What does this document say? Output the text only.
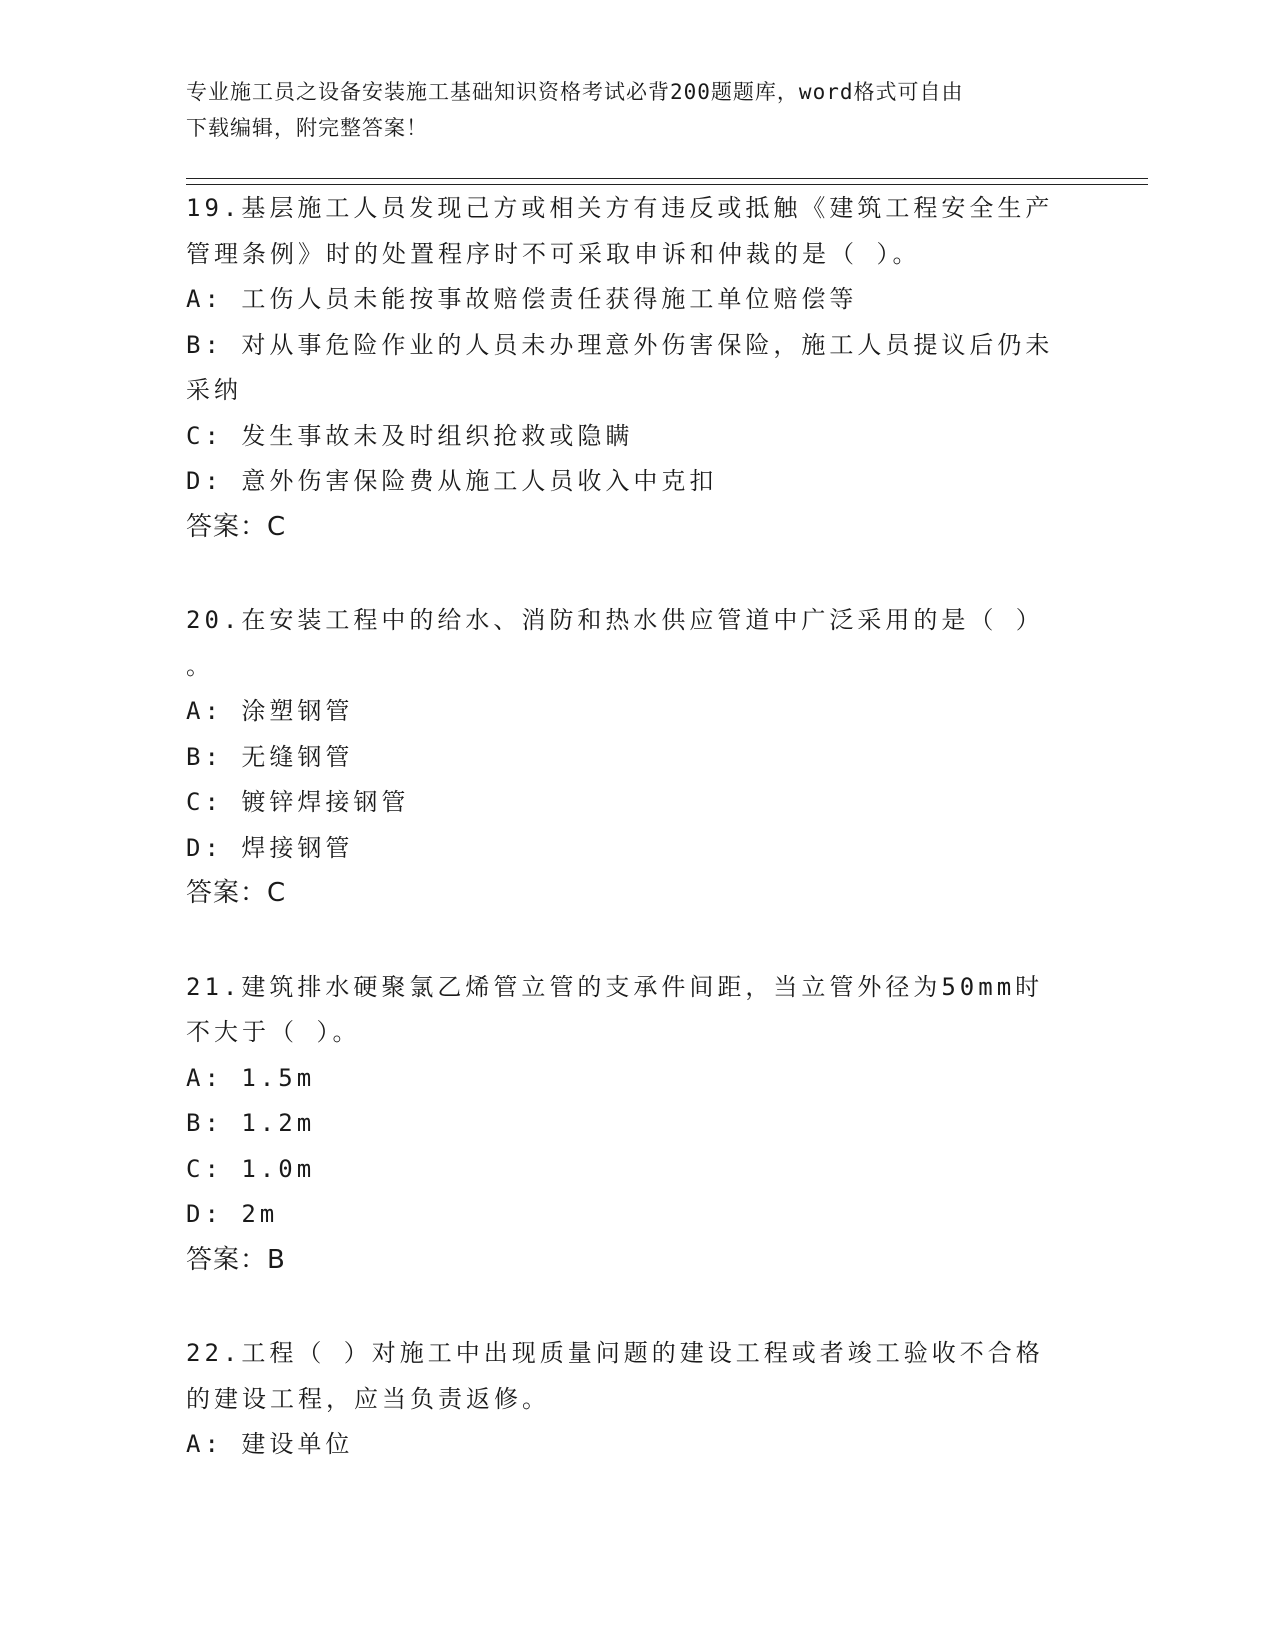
专业施工员之设备安装施工基础知识资格考试必背200题题库，word格式可自由
下载编辑，附完整答案！

19.基层施工人员发现己方或相关方有违反或抵触《建筑工程安全生产

管理条例》时的处置程序时不可采取申诉和仲裁的是（ ）。

A: 工伤人员未能按事故赔偿责任获得施工单位赔偿等

B: 对从事危险作业的人员未办理意外伤害保险，施工人员提议后仍未

采纳

C: 发生事故未及时组织抢救或隐瞒

D: 意外伤害保险费从施工人员收入中克扣

答案：C

20.在安装工程中的给水、消防和热水供应管道中广泛采用的是（ ）

。

A: 涂塑钢管

B: 无缝钢管

C: 镀锌焊接钢管

D: 焊接钢管

答案：C

21.建筑排水硬聚氯乙烯管立管的支承件间距，当立管外径为50mm时

不大于（ ）。

A: 1.5m

B: 1.2m

C: 1.0m

D: 2m

答案：B

22.工程（ ）对施工中出现质量问题的建设工程或者竣工验收不合格

的建设工程，应当负责返修。

A: 建设单位
